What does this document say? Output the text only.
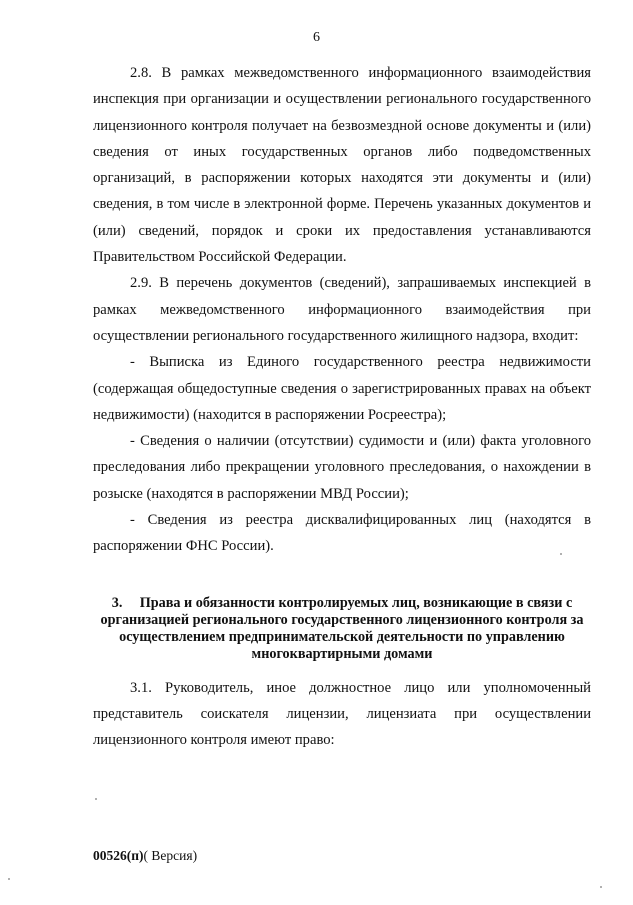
6

2.8. В рамках межведомственного информационного взаимодействия инспекция при организации и осуществлении регионального государственного лицензионного контроля получает на безвозмездной основе документы и (или) сведения от иных государственных органов либо подведомственных организаций, в распоряжении которых находятся эти документы и (или) сведения, в том числе в электронной форме. Перечень указанных документов и (или) сведений, порядок и сроки их предоставления устанавливаются Правительством Российской Федерации.

2.9. В перечень документов (сведений), запрашиваемых инспекцией в рамках межведомственного информационного взаимодействия при осуществлении регионального государственного жилищного надзора, входит:

- Выписка из Единого государственного реестра недвижимости (содержащая общедоступные сведения о зарегистрированных правах на объект недвижимости) (находится в распоряжении Росреестра);

- Сведения о наличии (отсутствии) судимости и (или) факта уголовного преследования либо прекращении уголовного преследования, о нахождении в розыске (находятся в распоряжении МВД России);

- Сведения из реестра дисквалифицированных лиц (находятся в распоряжении ФНС России).

3. Права и обязанности контролируемых лиц, возникающие в связи с организацией регионального государственного лицензионного контроля за осуществлением предпринимательской деятельности по управлению многоквартирными домами

3.1. Руководитель, иное должностное лицо или уполномоченный представитель соискателя лицензии, лицензиата при осуществлении лицензионного контроля имеют право:

00526(п)( Версия)
